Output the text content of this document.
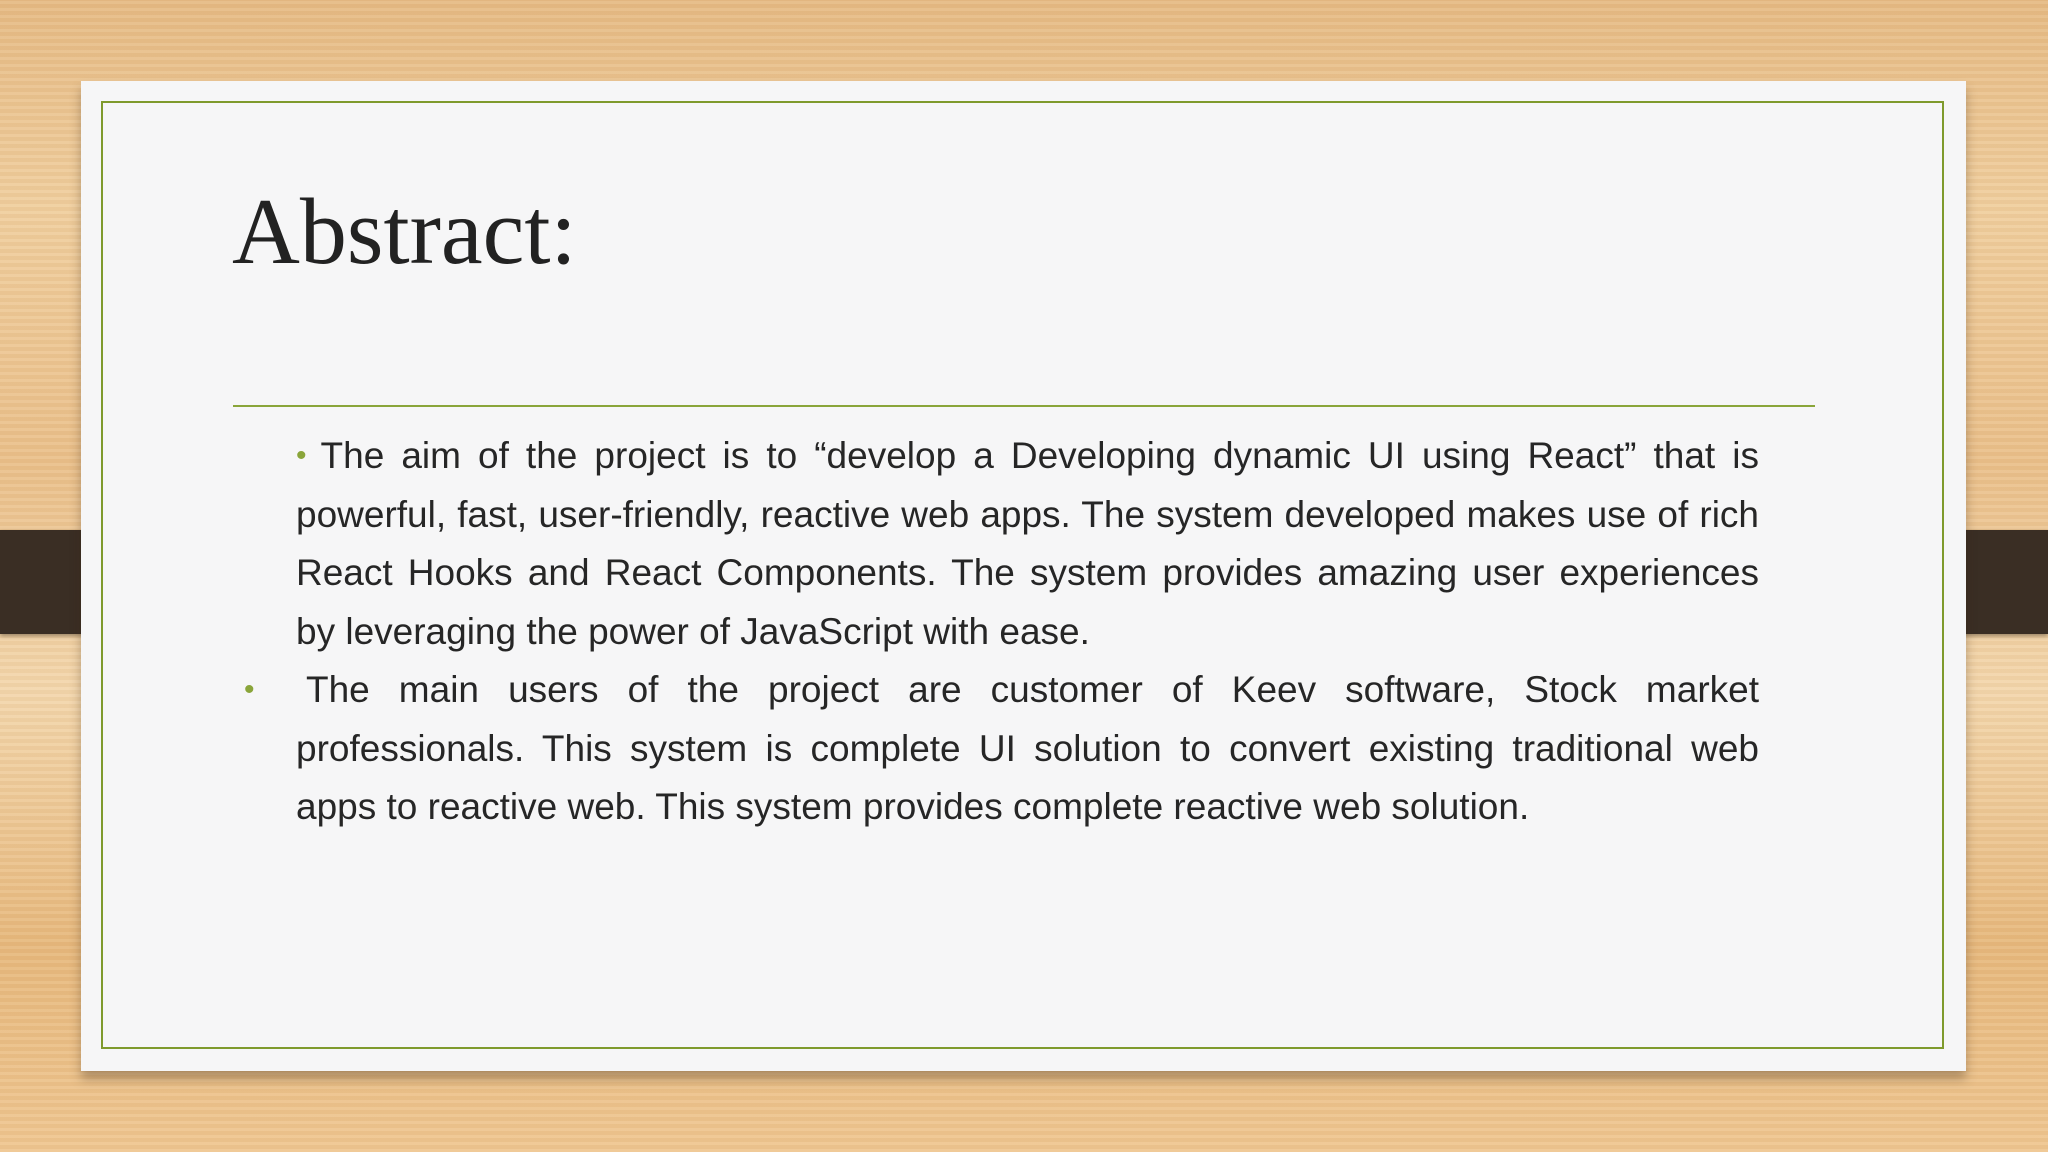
Abstract:
• The aim of the project is to “develop a Developing dynamic UI using React” that is powerful, fast, user-friendly, reactive web apps. The system developed makes use of rich React Hooks and React Components. The system provides amazing user experiences by leveraging the power of JavaScript with ease.
• The main users of the project are customer of Keev software, Stock market professionals. This system is complete UI solution to convert existing traditional web apps to reactive web. This system provides complete reactive web solution.
